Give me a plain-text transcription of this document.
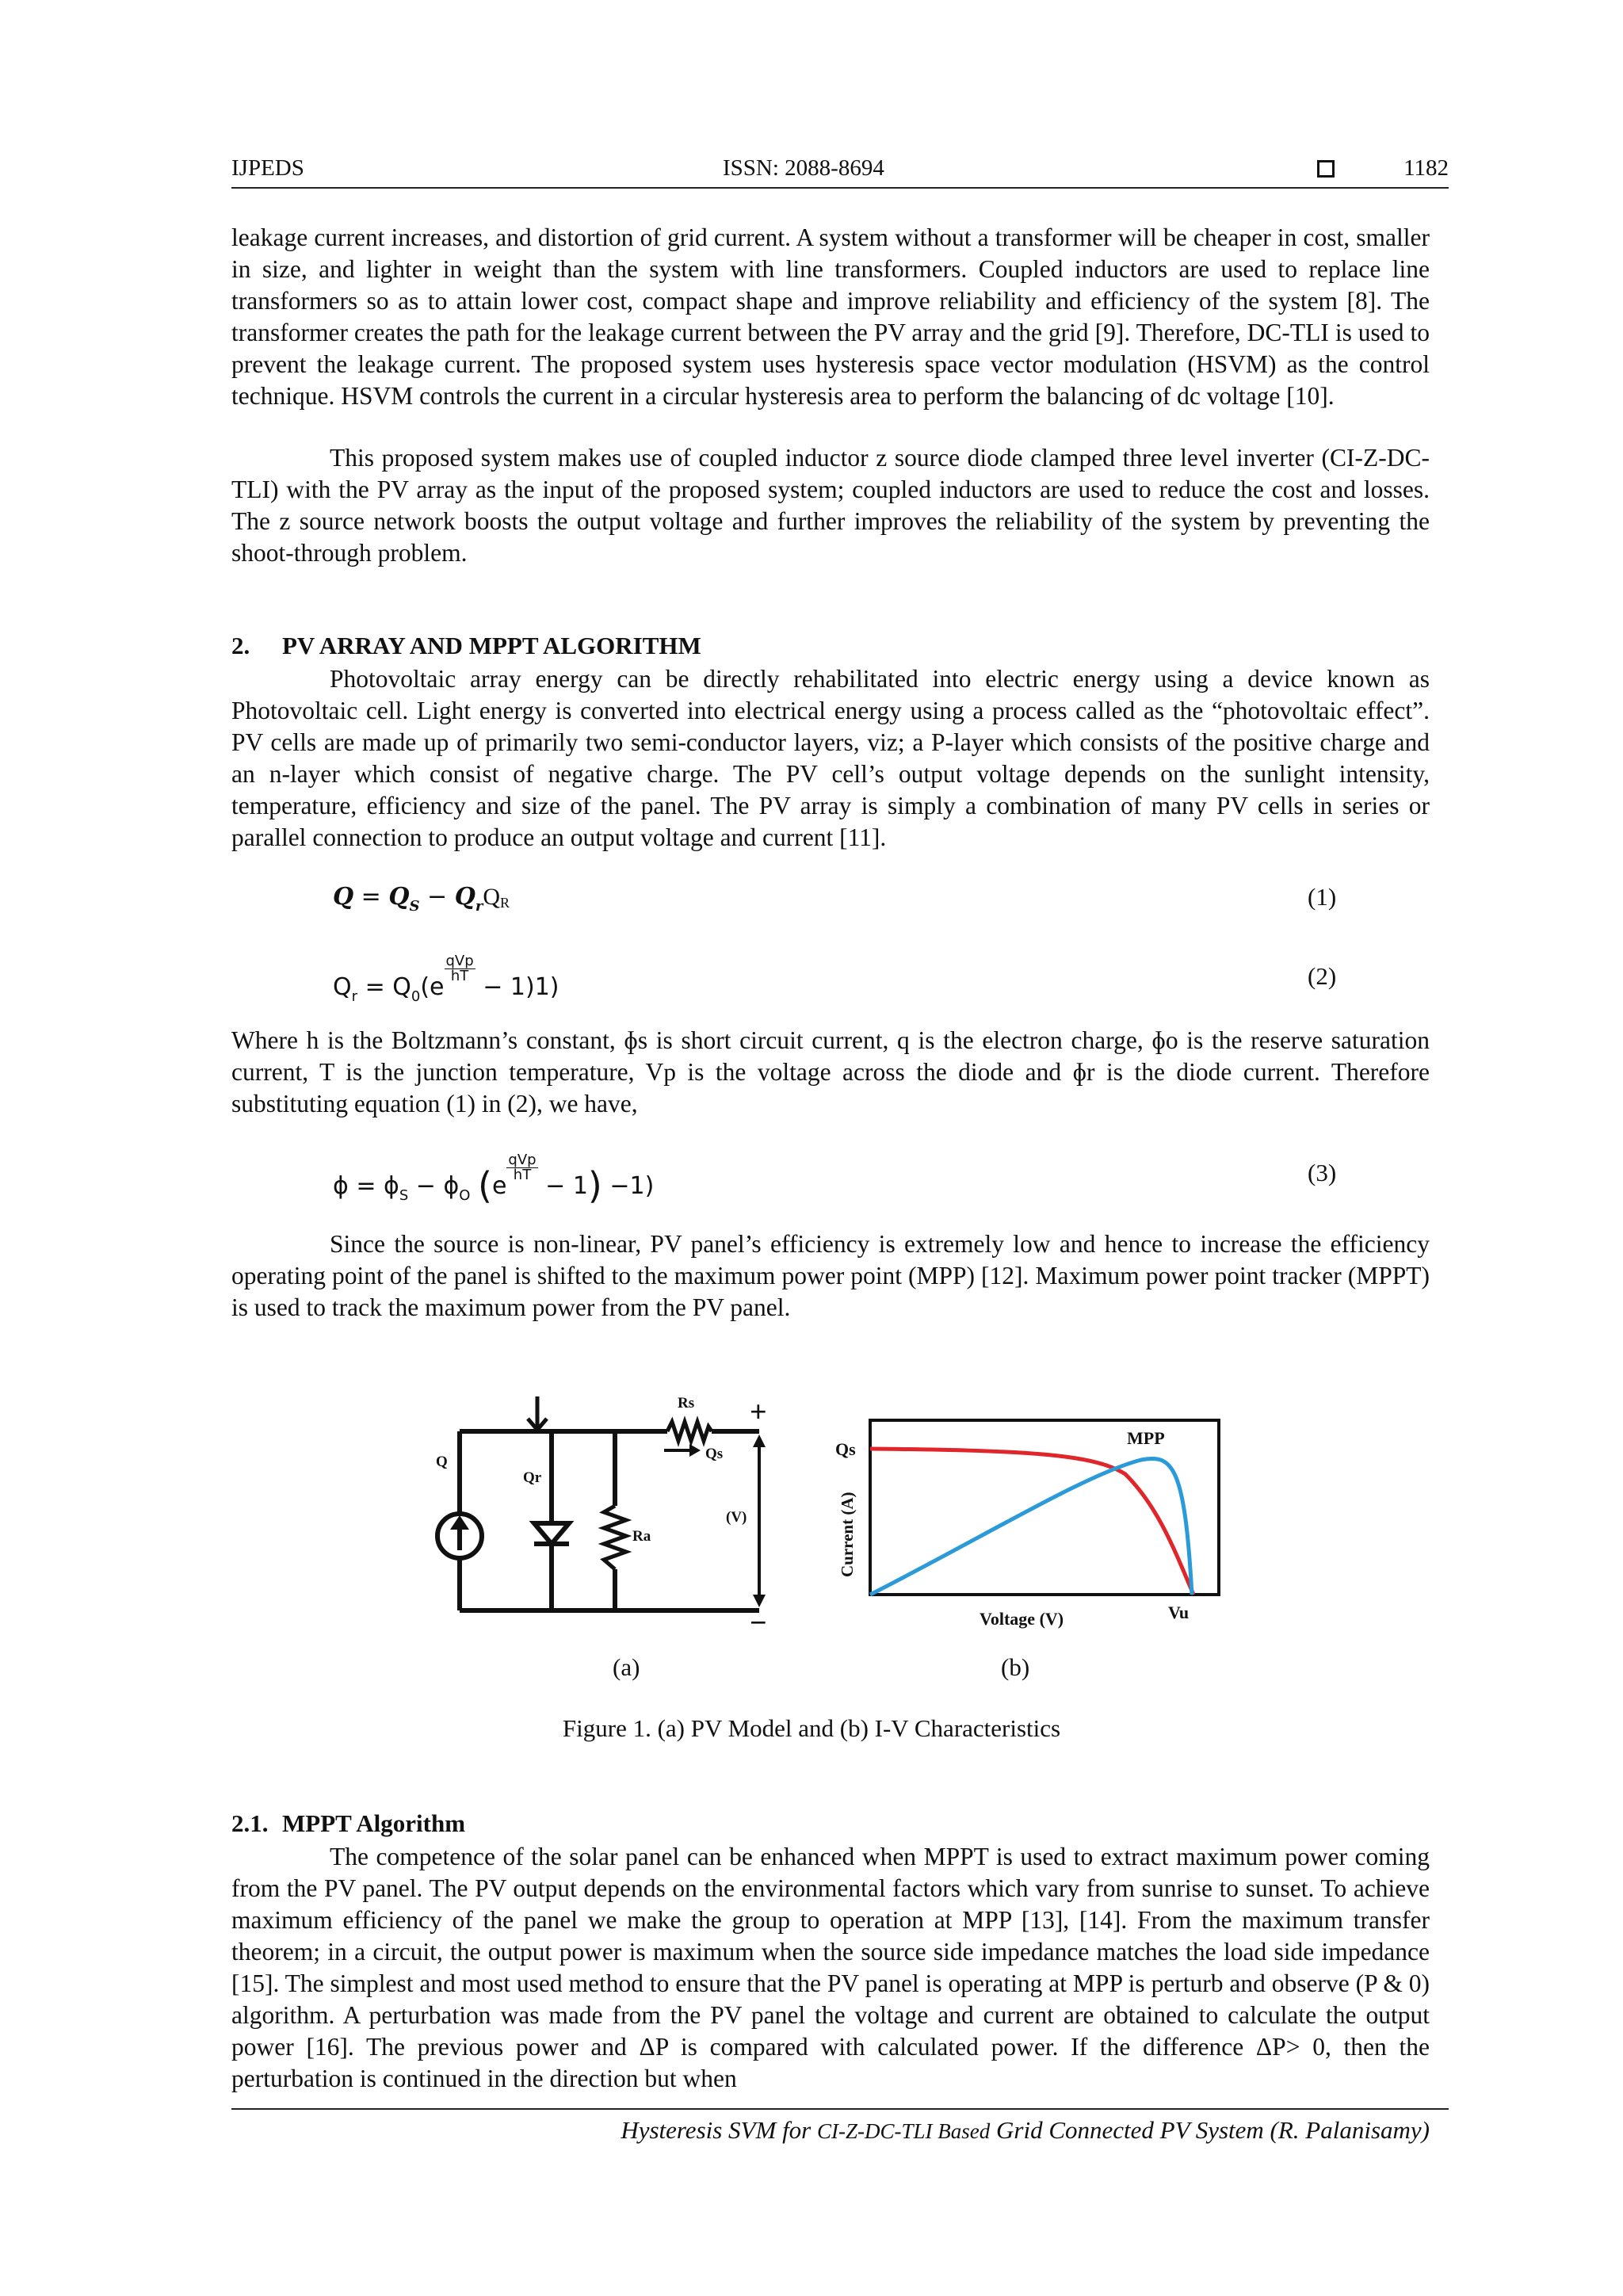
IJPEDS	ISSN: 2088-8694	1182

leakage current increases, and distortion of grid current. A system without a transformer will be cheaper in cost, smaller in size, and lighter in weight than the system with line transformers. Coupled inductors are used to replace line transformers so as to attain lower cost, compact shape and improve reliability and efficiency of the system [8]. The transformer creates the path for the leakage current between the PV array and the grid [9]. Therefore, DC-TLI is used to prevent the leakage current. The proposed system uses hysteresis space vector modulation (HSVM) as the control technique. HSVM controls the current in a circular hysteresis area to perform the balancing of dc voltage [10].

This proposed system makes use of coupled inductor z source diode clamped three level inverter (CI-Z-DC-TLI) with the PV array as the input of the proposed system; coupled inductors are used to reduce the cost and losses. The z source network boosts the output voltage and further improves the reliability of the system by preventing the shoot-through problem.

2. PV ARRAY AND MPPT ALGORITHM

Photovoltaic array energy can be directly rehabilitated into electric energy using a device known as Photovoltaic cell. Light energy is converted into electrical energy using a process called as the “photovoltaic effect”. PV cells are made up of primarily two semi-conductor layers, viz; a P-layer which consists of the positive charge and an n-layer which consist of negative charge. The PV cell’s output voltage depends on the sunlight intensity, temperature, efficiency and size of the panel. The PV array is simply a combination of many PV cells in series or parallel connection to produce an output voltage and current [11].

$Q = Q_S - Q_rQR$	(1)
$Q_r = Q_0(e$
$\frac{\text{qVp}}{hT}$
− 1)1)	(2)

Where h is the Boltzmann’s constant, ɸs is short circuit current, q is the electron charge, ɸo is the reserve saturation current, T is the junction temperature, Vp is the voltage across the diode and ɸr is the diode current. Therefore substituting equation (1) in (2), we have,

ɸ = ɸ$_S$ − ɸ$_O$ (e
$\frac{\text{qVp}}{hT}$
− 1) −1)	(3)

Since the source is non-linear, PV panel’s efficiency is extremely low and hence to increase the efficiency operating point of the panel is shifted to the maximum power point (MPP) [12]. Maximum power point tracker (MPPT) is used to track the maximum power from the PV panel.

Q
Qr
Rs
Qs
Ra
(V)
+
−
(a)
Qs
MPP
Current (A)
Voltage (V)	Vu
(b)
Figure 1. (a) PV Model and (b) I-V Characteristics
2.1. MPPT Algorithm

The competence of the solar panel can be enhanced when MPPT is used to extract maximum power coming from the PV panel. The PV output depends on the environmental factors which vary from sunrise to sunset. To achieve maximum efficiency of the panel we make the group to operation at MPP [13], [14]. From the maximum transfer theorem; in a circuit, the output power is maximum when the source side impedance matches the load side impedance [15]. The simplest and most used method to ensure that the PV panel is operating at MPP is perturb and observe (P & 0) algorithm. A perturbation was made from the PV panel the voltage and current are obtained to calculate the output power [16]. The previous power and ΔP is compared with calculated power. If the difference ΔP> 0, then the perturbation is continued in the direction but when

Hysteresis SVM for CI-Z-DC-TLI Based Grid Connected PV System (R. Palanisamy)
